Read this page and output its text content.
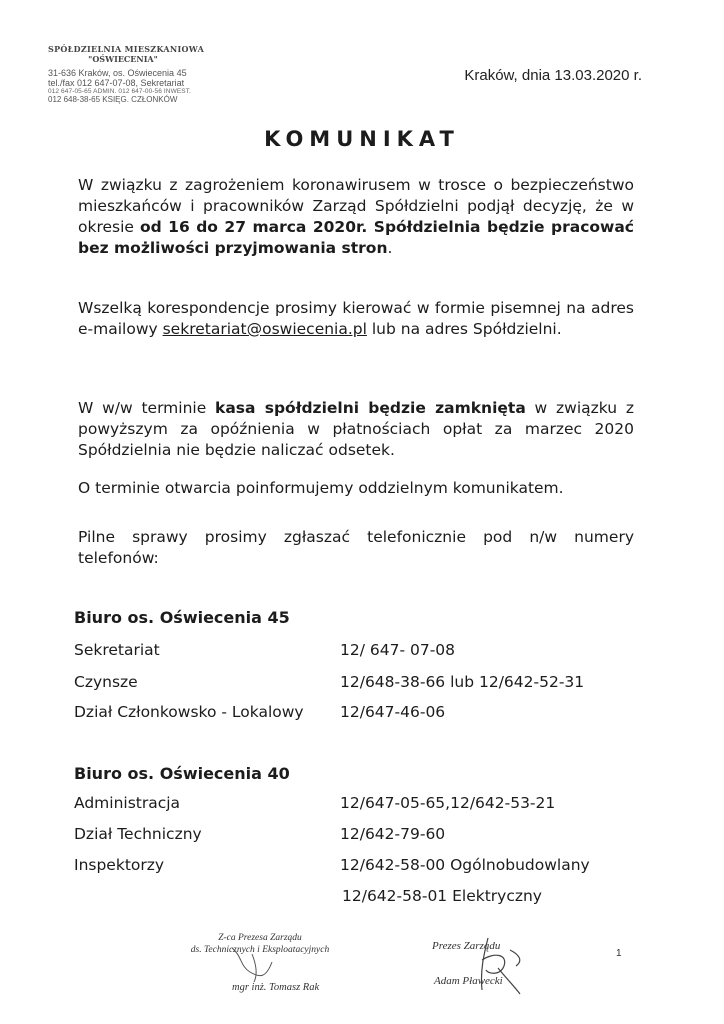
SPÓŁDZIELNIA MIESZKANIOWA
"OŚWIECENIA"
31-636 Kraków, os. Oświecenia 45
tel./fax 012 647-07-08, Sekretariat
012 647-05-65 ADMIN. 012 647-00-56 INWEST.
012 648-38-65 KSIĘG. CZŁONKÓW
Kraków, dnia 13.03.2020 r.
KOMUNIKAT
W związku z zagrożeniem koronawirusem w trosce o bezpieczeństwo mieszkańców i pracowników Zarząd Spółdzielni podjął decyzję, że w okresie od 16 do 27 marca 2020r. Spółdzielnia będzie pracować bez możliwości przyjmowania stron.
Wszelką korespondencje prosimy kierować w formie pisemnej na adres e-mailowy sekretariat@oswiecenia.pl lub na adres Spółdzielni.
W w/w terminie kasa spółdzielni będzie zamknięta w związku z powyższym za opóźnienia w płatnościach opłat za marzec 2020 Spółdzielnia nie będzie naliczać odsetek.
O terminie otwarcia poinformujemy oddzielnym komunikatem.
Pilne sprawy prosimy zgłaszać telefonicznie pod n/w numery telefonów:
Biuro os. Oświecenia 45
Sekretariat	12/ 647- 07-08
Czynsze	12/648-38-66 lub 12/642-52-31
Dział Członkowsko - Lokalowy 12/647-46-06
Biuro os. Oświecenia 40
Administracja	12/647-05-65,12/642-53-21
Dział Techniczny	12/642-79-60
Inspektorzy	12/642-58-00 Ogólnobudowlany
12/642-58-01 Elektryczny
Z-ca Prezesa Zarządu
ds. Technicznych i Eksploatacyjnych
mgr inż. Tomasz Rak
Prezes Zarządu
Adam Pławecki
1
